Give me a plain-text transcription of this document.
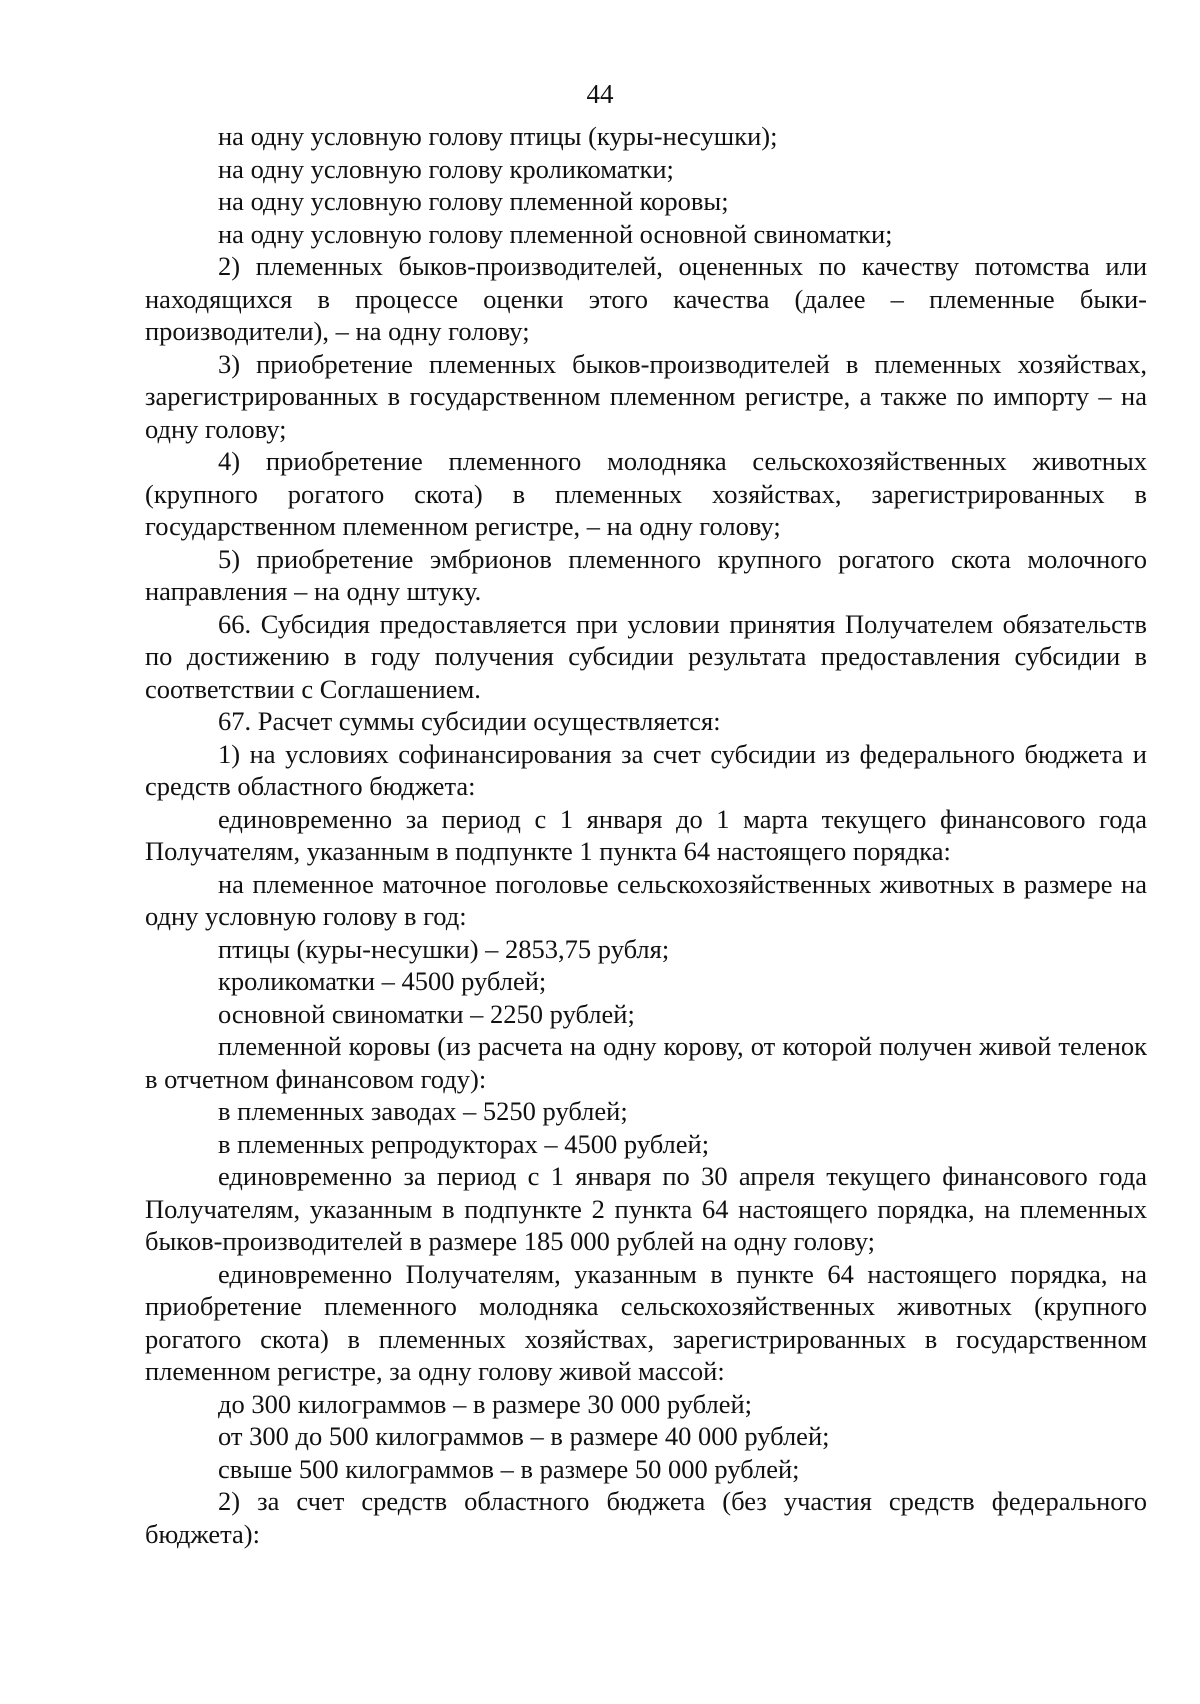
44

на одну условную голову птицы (куры-несушки);

на одну условную голову кроликоматки;

на одну условную голову племенной коровы;

на одну условную голову племенной основной свиноматки;

2) племенных быков-производителей, оцененных по качеству потомства или находящихся в процессе оценки этого качества (далее – племенные быки-производители), – на одну голову;

3) приобретение племенных быков-производителей в племенных хозяйствах, зарегистрированных в государственном племенном регистре, а также по импорту – на одну голову;

4) приобретение племенного молодняка сельскохозяйственных животных (крупного рогатого скота) в племенных хозяйствах, зарегистрированных в государственном племенном регистре, – на одну голову;

5) приобретение эмбрионов племенного крупного рогатого скота молочного направления – на одну штуку.

66. Субсидия предоставляется при условии принятия Получателем обязательств по достижению в году получения субсидии результата предоставления субсидии в соответствии с Соглашением.

67. Расчет суммы субсидии осуществляется:

1) на условиях софинансирования за счет субсидии из федерального бюджета и средств областного бюджета:

единовременно за период с 1 января до 1 марта текущего финансового года Получателям, указанным в подпункте 1 пункта 64 настоящего порядка:

на племенное маточное поголовье сельскохозяйственных животных в размере на одну условную голову в год:

птицы (куры-несушки) – 2853,75 рубля;

кроликоматки – 4500 рублей;

основной свиноматки – 2250 рублей;

племенной коровы (из расчета на одну корову, от которой получен живой теленок в отчетном финансовом году):

в племенных заводах – 5250 рублей;

в племенных репродукторах – 4500 рублей;

единовременно за период с 1 января по 30 апреля текущего финансового года Получателям, указанным в подпункте 2 пункта 64 настоящего порядка, на племенных быков-производителей в размере 185 000 рублей на одну голову;

единовременно Получателям, указанным в пункте 64 настоящего порядка, на приобретение племенного молодняка сельскохозяйственных животных (крупного рогатого скота) в племенных хозяйствах, зарегистрированных в государственном племенном регистре, за одну голову живой массой:

до 300 килограммов – в размере 30 000 рублей;

от 300 до 500 килограммов – в размере 40 000 рублей;

свыше 500 килограммов – в размере 50 000 рублей;

2) за счет средств областного бюджета (без участия средств федерального бюджета):
